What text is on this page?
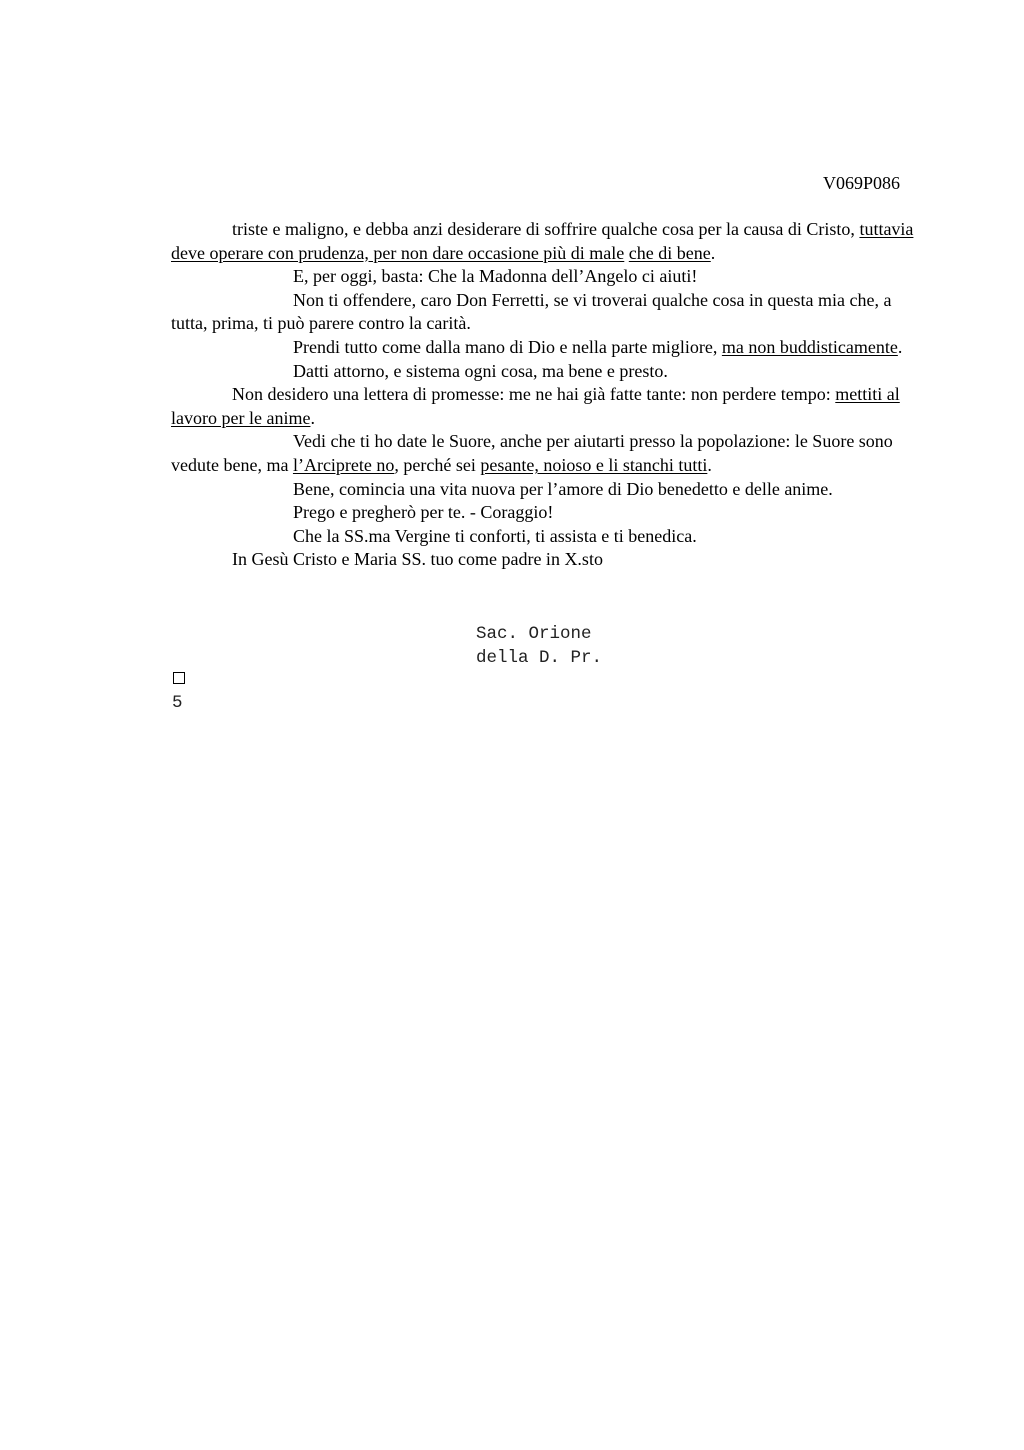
V069P086

triste e maligno, e debba anzi desiderare di soffrire qualche cosa per la causa di Cristo, tuttavia deve operare con prudenza, per non dare occasione più di male che di bene.

E, per oggi, basta: Che la Madonna dell’Angelo ci aiuti!

Non ti offendere, caro Don Ferretti, se vi troverai qualche cosa in questa mia che, a tutta, prima, ti può parere contro la carità.

Prendi tutto come dalla mano di Dio e nella parte migliore, ma non buddisticamente.

Datti attorno, e sistema ogni cosa, ma bene e presto.

Non desidero una lettera di promesse: me ne hai già fatte tante: non perdere tempo: mettiti al lavoro per le anime.

Vedi che ti ho date le Suore, anche per aiutarti presso la popolazione: le Suore sono vedute bene, ma l’Arciprete no, perché sei pesante, noioso e li stanchi tutti.

Bene, comincia una vita nuova per l’amore di Dio benedetto e delle anime.

Prego e pregherò per te. - Coraggio!

Che la SS.ma Vergine ti conforti, ti assista e ti benedica.

In Gesù Cristo e Maria SS. tuo come padre in X.sto

Sac. Orione
della D. Pr.
5
